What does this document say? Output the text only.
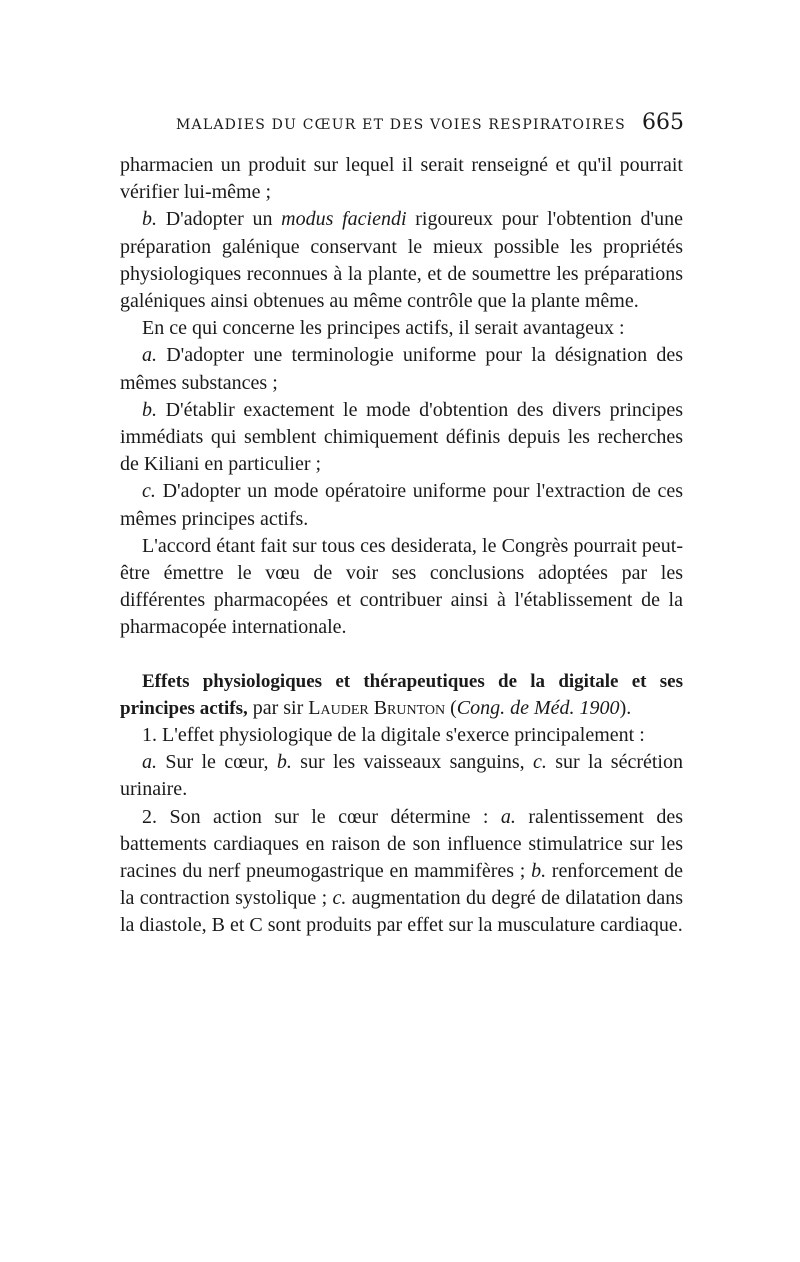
MALADIES DU CŒUR ET DES VOIES RESPIRATOIRES 665

pharmacien un produit sur lequel il serait renseigné et qu'il pourrait vérifier lui-même ;

b. D'adopter un modus faciendi rigoureux pour l'obtention d'une préparation galénique conservant le mieux possible les propriétés physiologiques reconnues à la plante, et de soumettre les préparations galéniques ainsi obtenues au même contrôle que la plante même.

En ce qui concerne les principes actifs, il serait avantageux :

a. D'adopter une terminologie uniforme pour la désignation des mêmes substances ;

b. D'établir exactement le mode d'obtention des divers principes immédiats qui semblent chimiquement définis depuis les recherches de Kiliani en particulier ;

c. D'adopter un mode opératoire uniforme pour l'extraction de ces mêmes principes actifs.

L'accord étant fait sur tous ces desiderata, le Congrès pourrait peut-être émettre le vœu de voir ses conclusions adoptées par les différentes pharmacopées et contribuer ainsi à l'établissement de la pharmacopée internationale.

Effets physiologiques et thérapeutiques de la digitale et ses principes actifs, par sir Lauder Brunton (Cong. de Méd. 1900).

1. L'effet physiologique de la digitale s'exerce principalement :

a. Sur le cœur, b. sur les vaisseaux sanguins, c. sur la sécrétion urinaire.

2. Son action sur le cœur détermine : a. ralentissement des battements cardiaques en raison de son influence stimulatrice sur les racines du nerf pneumogastrique en mammifères ; b. renforcement de la contraction systolique ; c. augmentation du degré de dilatation dans la diastole, B et C sont produits par effet sur la musculature cardiaque.
